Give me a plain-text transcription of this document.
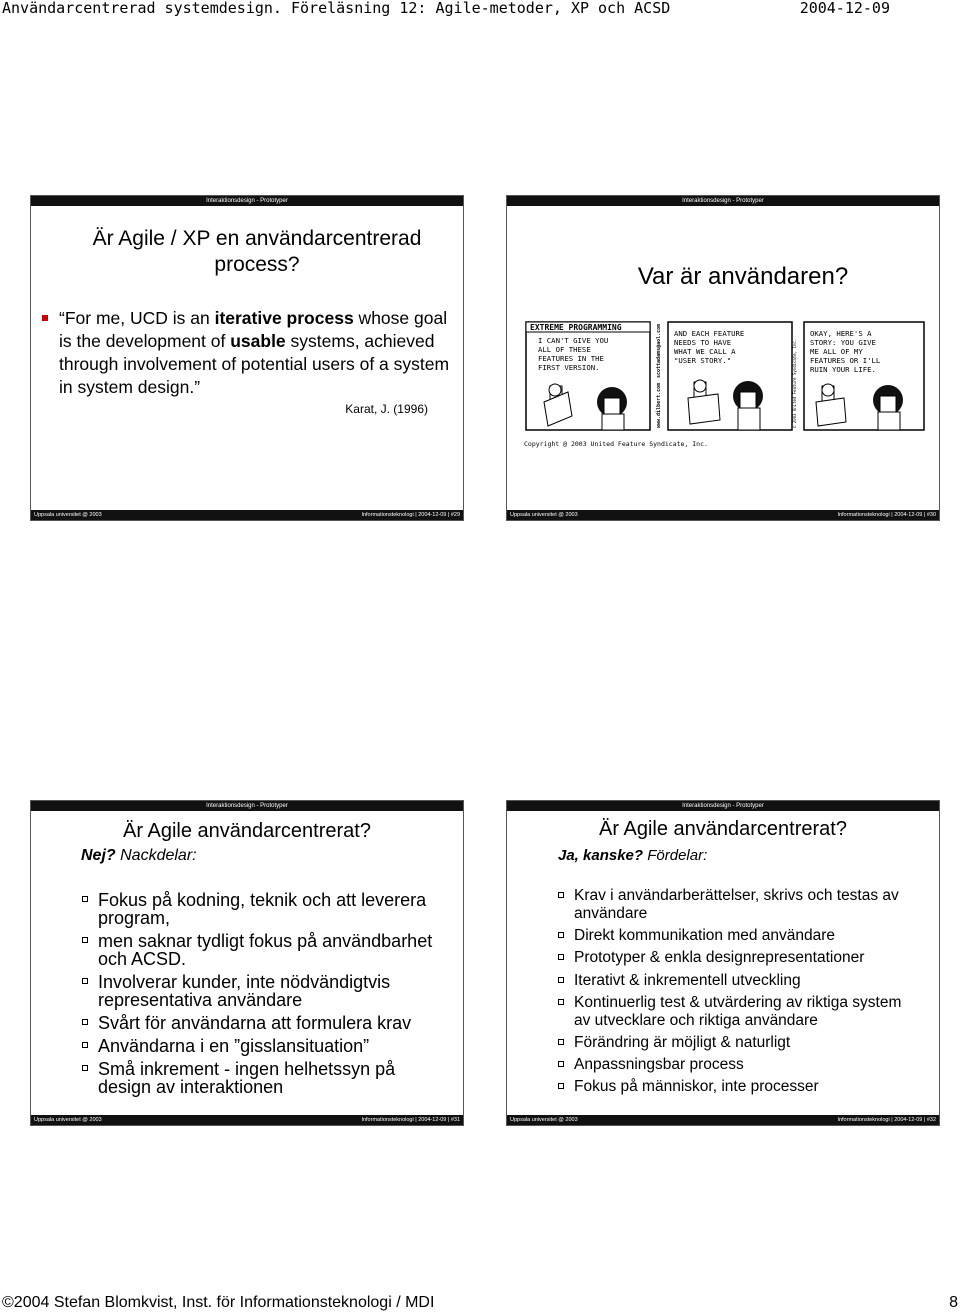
Användarcentrerad systemdesign. Föreläsning 12: Agile-metoder, XP och ACSD	2004-12-09
Interaktionsdesign - Prototyper
Är Agile / XP en användarcentrerad process?
“For me, UCD is an iterative process whose goal is the development of usable systems, achieved through involvement of potential users of a system in system design.”
Karat, J. (1996)
Uppsala universitet @ 2003	Informationsteknologi | 2004-12-09 | #29
Interaktionsdesign - Prototyper
Var är användaren?
EXTREME PROGRAMMING
I CAN'T GIVE YOU ALL OF THESE FEATURES IN THE FIRST VERSION.
www.dilbert.com
scottadams@aol.com AND EACH FEATURE NEEDS TO HAVE WHAT WE CALL A "USER STORY."	© 2003 United Feature Syndicate, Inc.
OKAY, HERE'S A STORY: YOU GIVE ME ALL OF MY FEATURES OR I'LL RUIN YOUR LIFE.
Copyright @ 2003 United Feature Syndicate, Inc.
Uppsala universitet @ 2003	Informationsteknologi | 2004-12-09 | #30
Interaktionsdesign - Prototyper
Är Agile användarcentrerat?
Nej? Nackdelar:
Fokus på kodning, teknik och att leverera program,
men saknar tydligt fokus på användbarhet och ACSD.
Involverar kunder, inte nödvändigtvis representativa användare
Svårt för användarna att formulera krav
Användarna i en ”gisslansituation”
Små inkrement - ingen helhetssyn på design av interaktionen
Uppsala universitet @ 2003	Informationsteknologi | 2004-12-09 | #31
Interaktionsdesign - Prototyper
Är Agile användarcentrerat?
Ja, kanske? Fördelar:
Krav i användarberättelser, skrivs och testas av användare
Direkt kommunikation med användare
Prototyper & enkla designrepresentationer
Iterativt & inkrementell utveckling
Kontinuerlig test & utvärdering av riktiga system av utvecklare och riktiga användare
Förändring är möjligt & naturligt
Anpassningsbar process
Fokus på människor, inte processer
Uppsala universitet @ 2003	Informationsteknologi | 2004-12-09 | #32
©2004 Stefan Blomkvist, Inst. för Informationsteknologi / MDI	8
